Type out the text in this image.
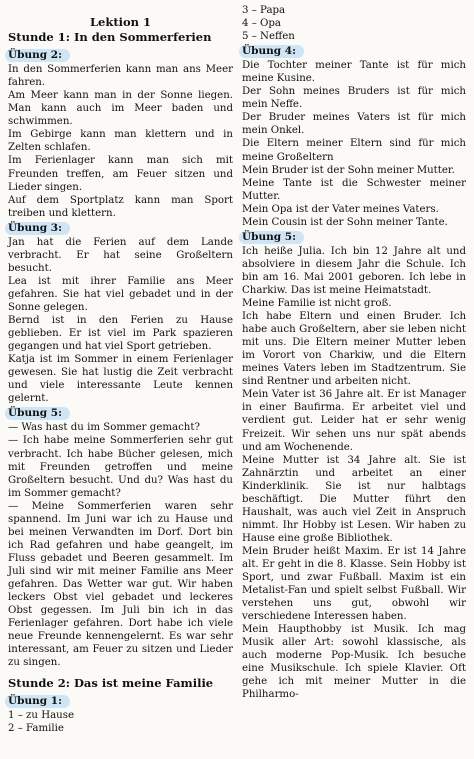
Lektion 1
Stunde 1: In den Sommerferien
Übung 2:
In den Sommerferien kann man ans Meer fahren.
Am Meer kann man in der Sonne liegen. Man kann auch im Meer baden und schwimmen.
Im Gebirge kann man klettern und in Zelten schlafen.
Im Ferienlager kann man sich mit Freunden treffen, am Feuer sitzen und Lieder singen.
Auf dem Sportplatz kann man Sport treiben und klettern.
Übung 3:
Jan hat die Ferien auf dem Lande verbracht. Er hat seine Großeltern besucht.
Lea ist mit ihrer Familie ans Meer gefahren. Sie hat viel gebadet und in der Sonne gelegen.
Bernd ist in den Ferien zu Hause geblieben. Er ist viel im Park spazieren gegangen und hat viel Sport getrieben.
Katja ist im Sommer in einem Ferienlager gewesen. Sie hat lustig die Zeit verbracht und viele interessante Leute kennen gelernt.
Übung 5:
— Was hast du im Sommer gemacht?
— Ich habe meine Sommerferien sehr gut verbracht. Ich habe Bücher gelesen, mich mit Freunden getroffen und meine Großeltern besucht. Und du? Was hast du im Sommer gemacht?
— Meine Sommerferien waren sehr spannend. Im Juni war ich zu Hause und bei meinen Verwandten im Dorf. Dort bin ich Rad gefahren und habe geangelt, im Fluss gebadet und Beeren gesammelt. Im Juli sind wir mit meiner Familie ans Meer gefahren. Das Wetter war gut. Wir haben leckers Obst viel gebadet und leckeres Obst gegessen. Im Juli bin ich in das Ferienlager gefahren. Dort habe ich viele neue Freunde kennengelernt. Es war sehr interessant, am Feuer zu sitzen und Lieder zu singen.
Stunde 2: Das ist meine Familie
Übung 1:
1 – zu Hause
2 – Familie
3 – Papa
4 – Opa
5 – Neffen
Übung 4:
Die Tochter meiner Tante ist für mich meine Kusine.
Der Sohn meines Bruders ist für mich mein Neffe.
Der Bruder meines Vaters ist für mich mein Onkel.
Die Eltern meiner Eltern sind für mich meine Großeltern
Mein Bruder ist der Sohn meiner Mutter.
Meine Tante ist die Schwester meiner Mutter.
Mein Opa ist der Vater meines Vaters.
Mein Cousin ist der Sohn meiner Tante.
Übung 5:
Ich heiße Julia. Ich bin 12 Jahre alt und absolviere in diesem Jahr die Schule. Ich bin am 16. Mai 2001 geboren. Ich lebe in Charkiw. Das ist meine Heimatstadt.
Meine Familie ist nicht groß.
Ich habe Eltern und einen Bruder. Ich habe auch Großeltern, aber sie leben nicht mit uns. Die Eltern meiner Mutter leben im Vorort von Charkiw, und die Eltern meines Vaters leben im Stadtzentrum. Sie sind Rentner und arbeiten nicht.
Mein Vater ist 36 Jahre alt. Er ist Manager in einer Baufirma. Er arbeitet viel und verdient gut. Leider hat er sehr wenig Freizeit. Wir sehen uns nur spät abends und am Wochenende.
Meine Mutter ist 34 Jahre alt. Sie ist Zahnärztin und arbeitet an einer Kinderklinik. Sie ist nur halbtags beschäftigt. Die Mutter führt den Haushalt, was auch viel Zeit in Anspruch nimmt. Ihr Hobby ist Lesen. Wir haben zu Hause eine große Bibliothek.
Mein Bruder heißt Maxim. Er ist 14 Jahre alt. Er geht in die 8. Klasse. Sein Hobby ist Sport, und zwar Fußball. Maxim ist ein Metalist-Fan und spielt selbst Fußball. Wir verstehen uns gut, obwohl wir verschiedene Interessen haben.
Mein Haupthobby ist Musik. Ich mag Musik aller Art: sowohl klassische, als auch moderne Pop-Musik. Ich besuche eine Musikschule. Ich spiele Klavier. Oft gehe ich mit meiner Mutter in die Philharmo-
